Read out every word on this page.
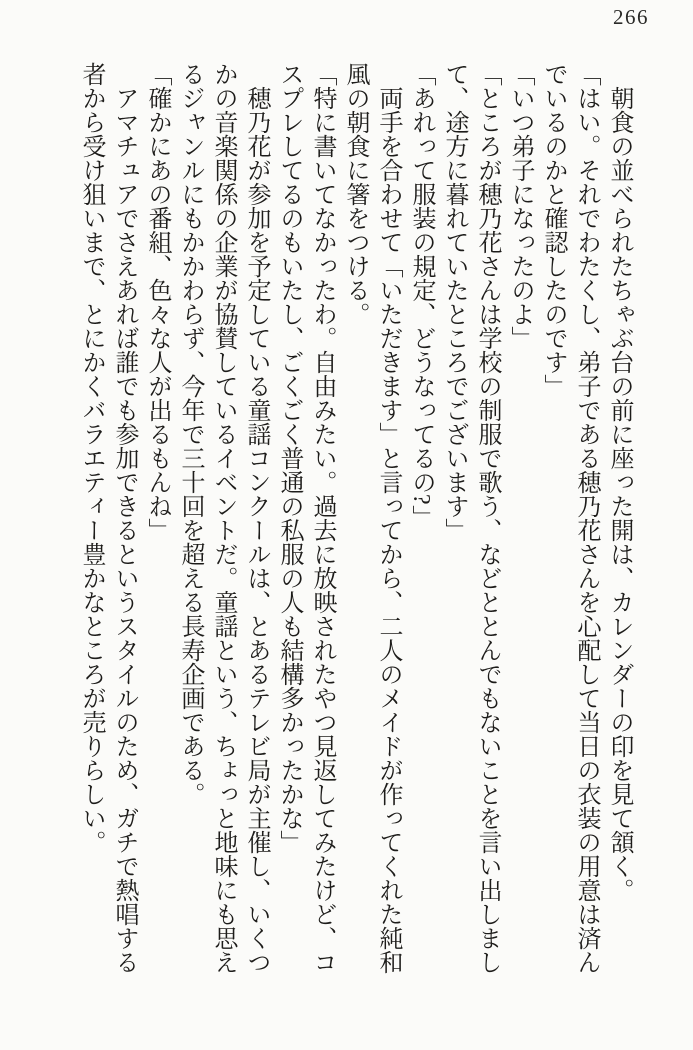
266

朝食の並べられたちゃぶ台の前に座った開は、カレンダーの印を見て頷く。

「はい。それでわたくし、弟子である穂乃花さんを心配して当日の衣装の用意は済んでいるのかと確認したのです」

「いつ弟子になったのよ」

「ところが穂乃花さんは学校の制服で歌う、などととんでもないことを言い出しまして、途方に暮れていたところでございます」

「あれって服装の規定、どうなってるの?」

両手を合わせて「いただきます」と言ってから、二人のメイドが作ってくれた純和風の朝食に箸をつける。

「特に書いてなかったわ。自由みたい。過去に放映されたやつ見返してみたけど、コスプレしてるのもいたし、ごくごく普通の私服の人も結構多かったかな」

穂乃花が参加を予定している童謡コンクールは、とあるテレビ局が主催し、いくつかの音楽関係の企業が協賛しているイベントだ。童謡という、ちょっと地味にも思えるジャンルにもかかわらず、今年で三十回を超える長寿企画である。

「確かにあの番組、色々な人が出るもんね」

アマチュアでさえあれば誰でも参加できるというスタイルのため、ガチで熱唱する者から受け狙いまで、とにかくバラエティー豊かなところが売りらしい。
